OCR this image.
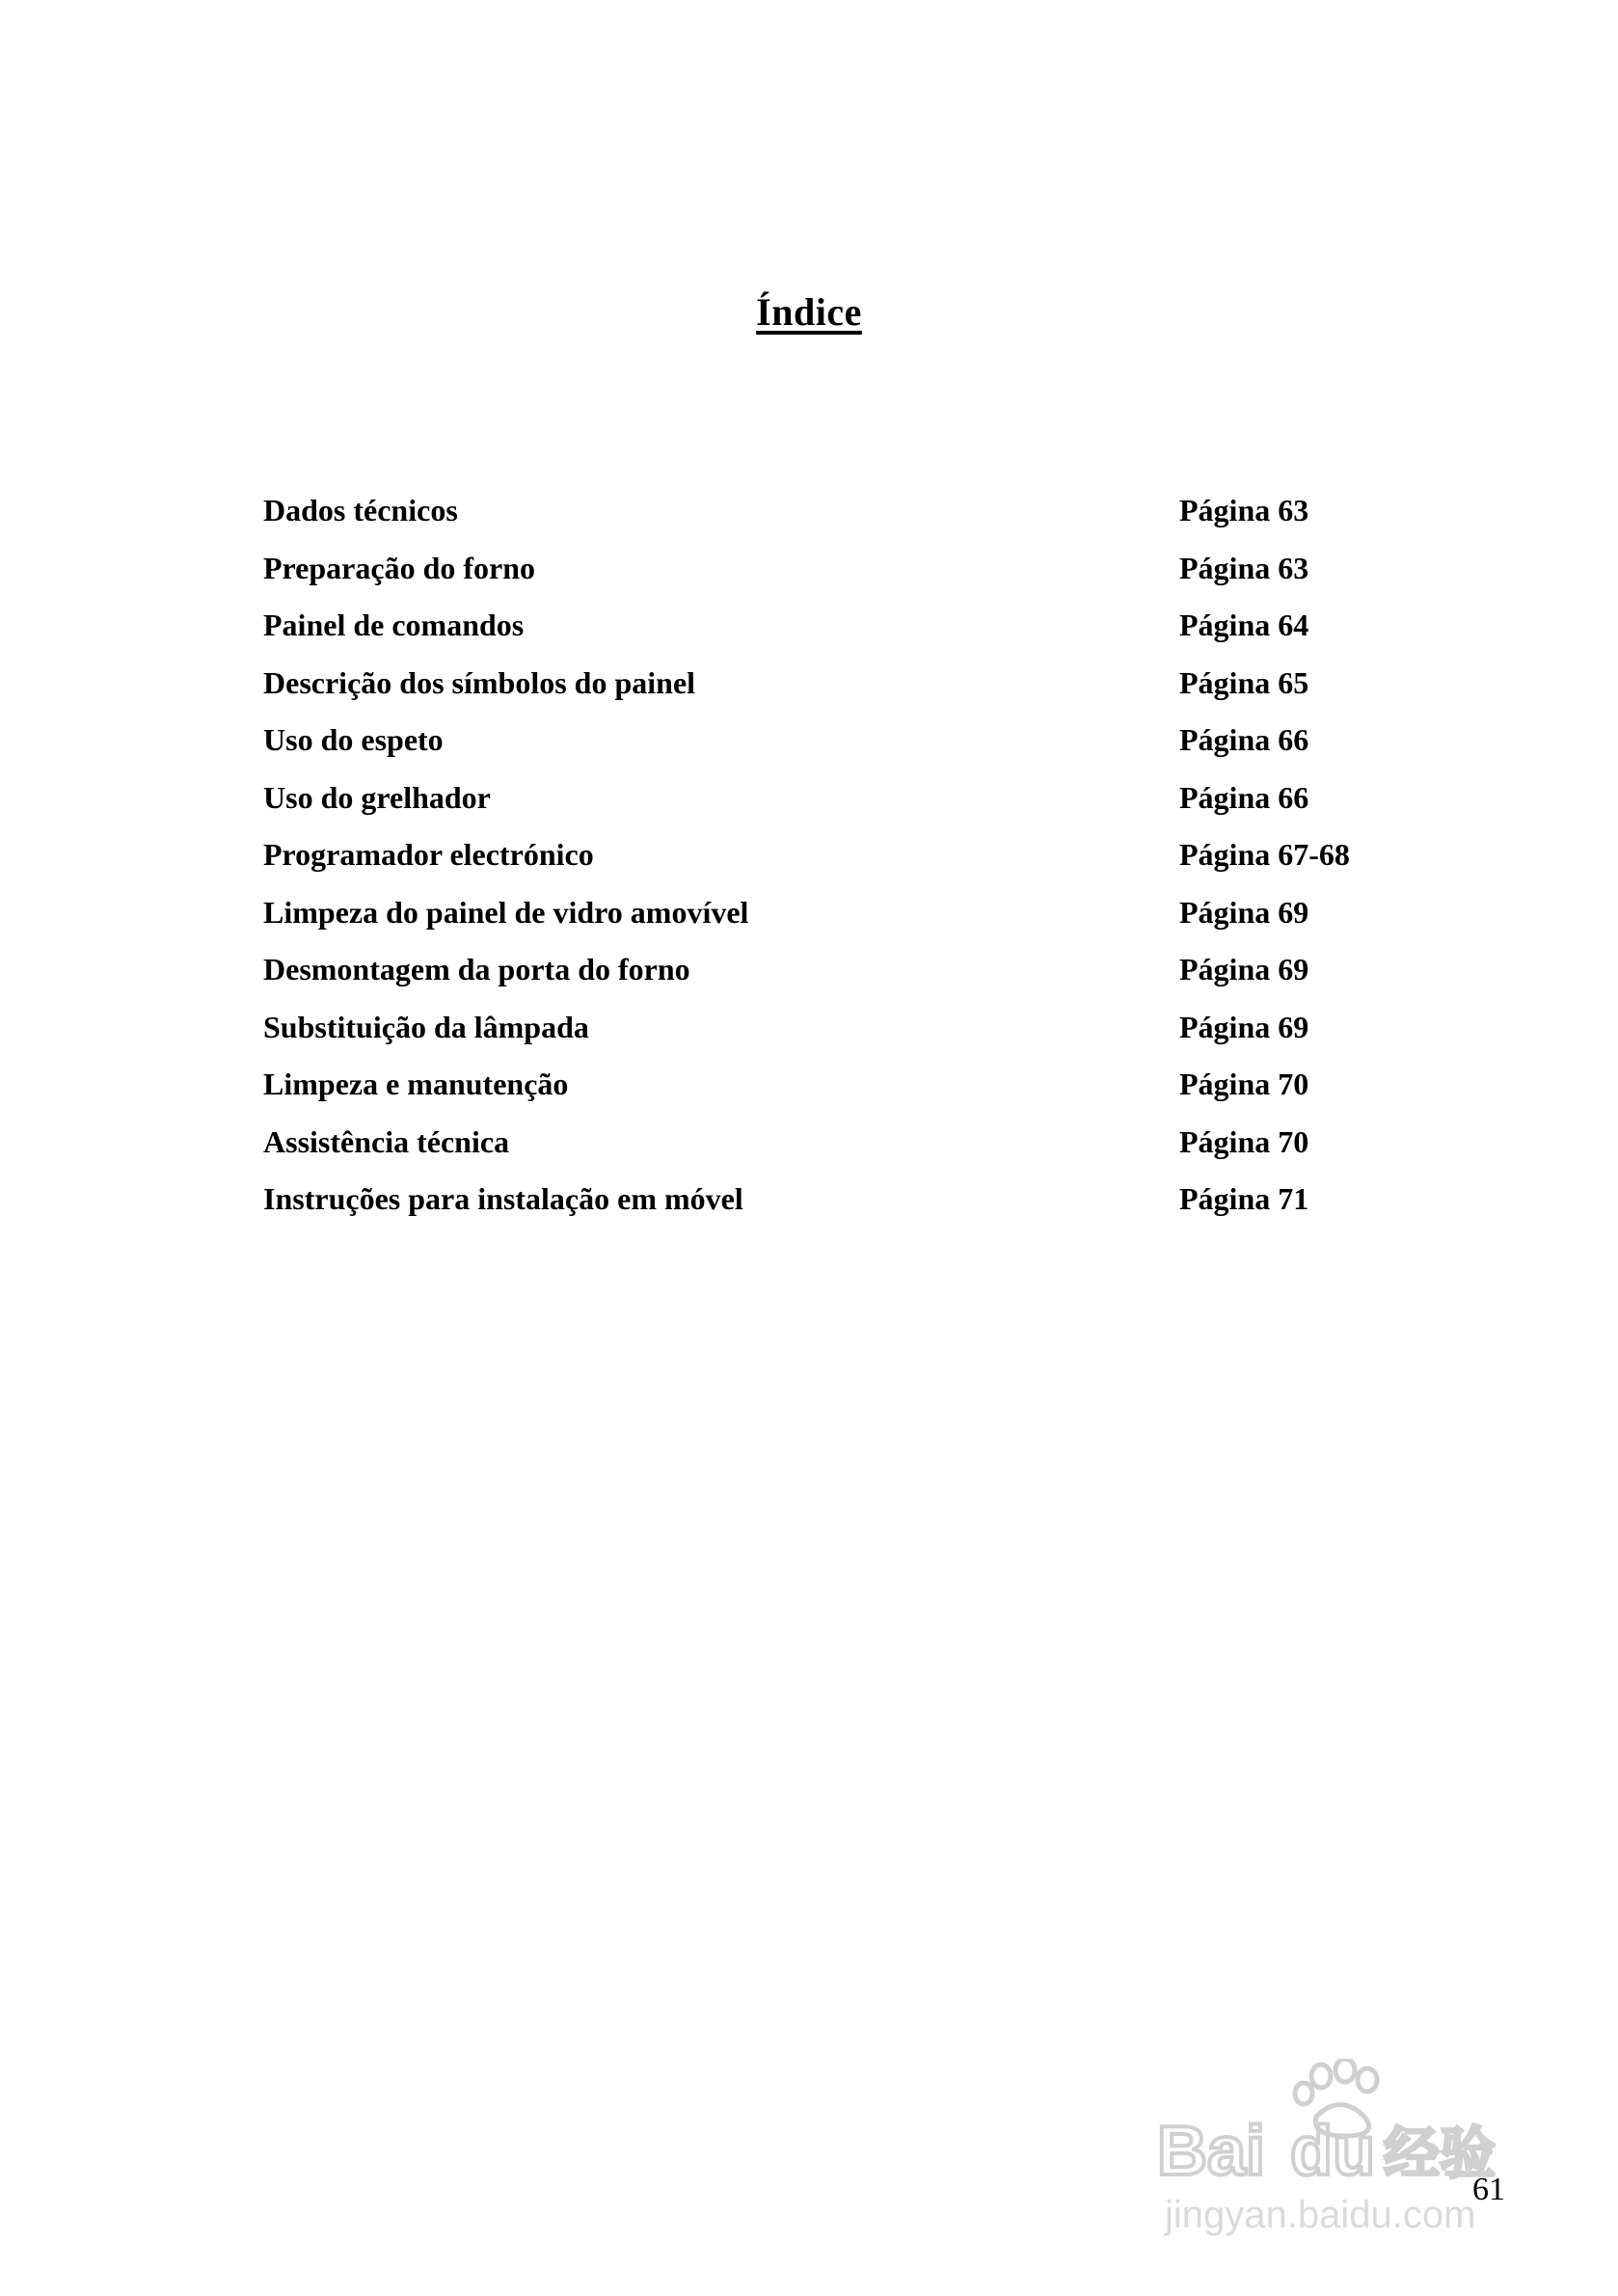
Índice
Dados técnicos	Página 63
Preparação do forno	Página 63
Painel de comandos	Página 64
Descrição dos símbolos do painel	Página 65
Uso do espeto	Página 66
Uso do grelhador	Página 66
Programador electrónico	Página 67-68
Limpeza do painel de vidro amovível	Página 69
Desmontagem da porta do forno	Página 69
Substituição da lâmpada	Página 69
Limpeza e manutenção	Página 70
Assistência técnica	Página 70
Instruções para instalação em móvel	Página 71
Bai du 经验
jingyan.baidu.com
61
